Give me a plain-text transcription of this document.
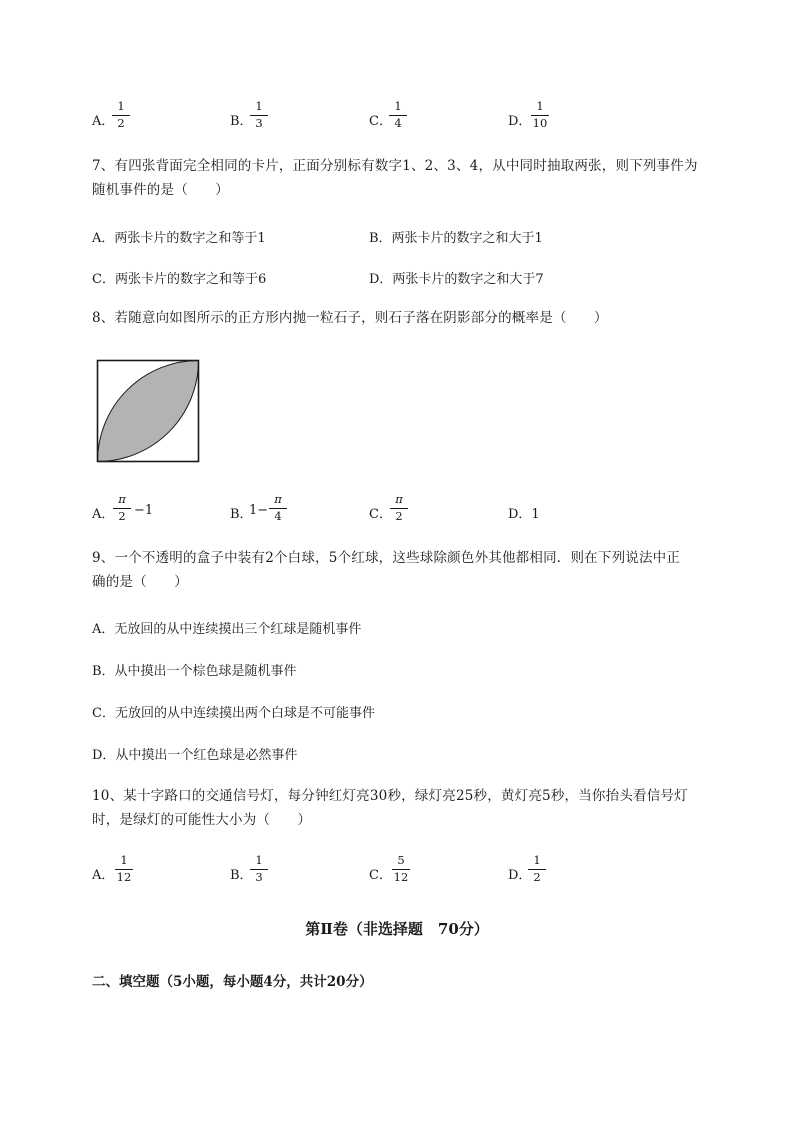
A．
1
2	B．
1
3	C．
1
4	D．
1
10
7、有四张背面完全相同的卡片，正面分别标有数字1、2、3、4，从中同时抽取两张，则下列事件为
随机事件的是（　　）
A．两张卡片的数字之和等于1	B．两张卡片的数字之和大于1
C．两张卡片的数字之和等于6	D．两张卡片的数字之和大于7
8、若随意向如图所示的正方形内抛一粒石子，则石子落在阴影部分的概率是（　　）
A．
π
2 −1	B．
1−
π
4	C．
π
2	D．1
9、一个不透明的盒子中装有2个白球，5个红球，这些球除颜色外其他都相同．则在下列说法中正
确的是（　　）
A．无放回的从中连续摸出三个红球是随机事件
B．从中摸出一个棕色球是随机事件
C．无放回的从中连续摸出两个白球是不可能事件
D．从中摸出一个红色球是必然事件
10、某十字路口的交通信号灯，每分钟红灯亮30秒，绿灯亮25秒，黄灯亮5秒，当你抬头看信号灯
时，是绿灯的可能性大小为（　　）
A．
1
12	B．
1
3	C．
5
12	D．
1
2
第Ⅱ卷（非选择题　70分）
二、填空题（5小题，每小题4分，共计20分）
